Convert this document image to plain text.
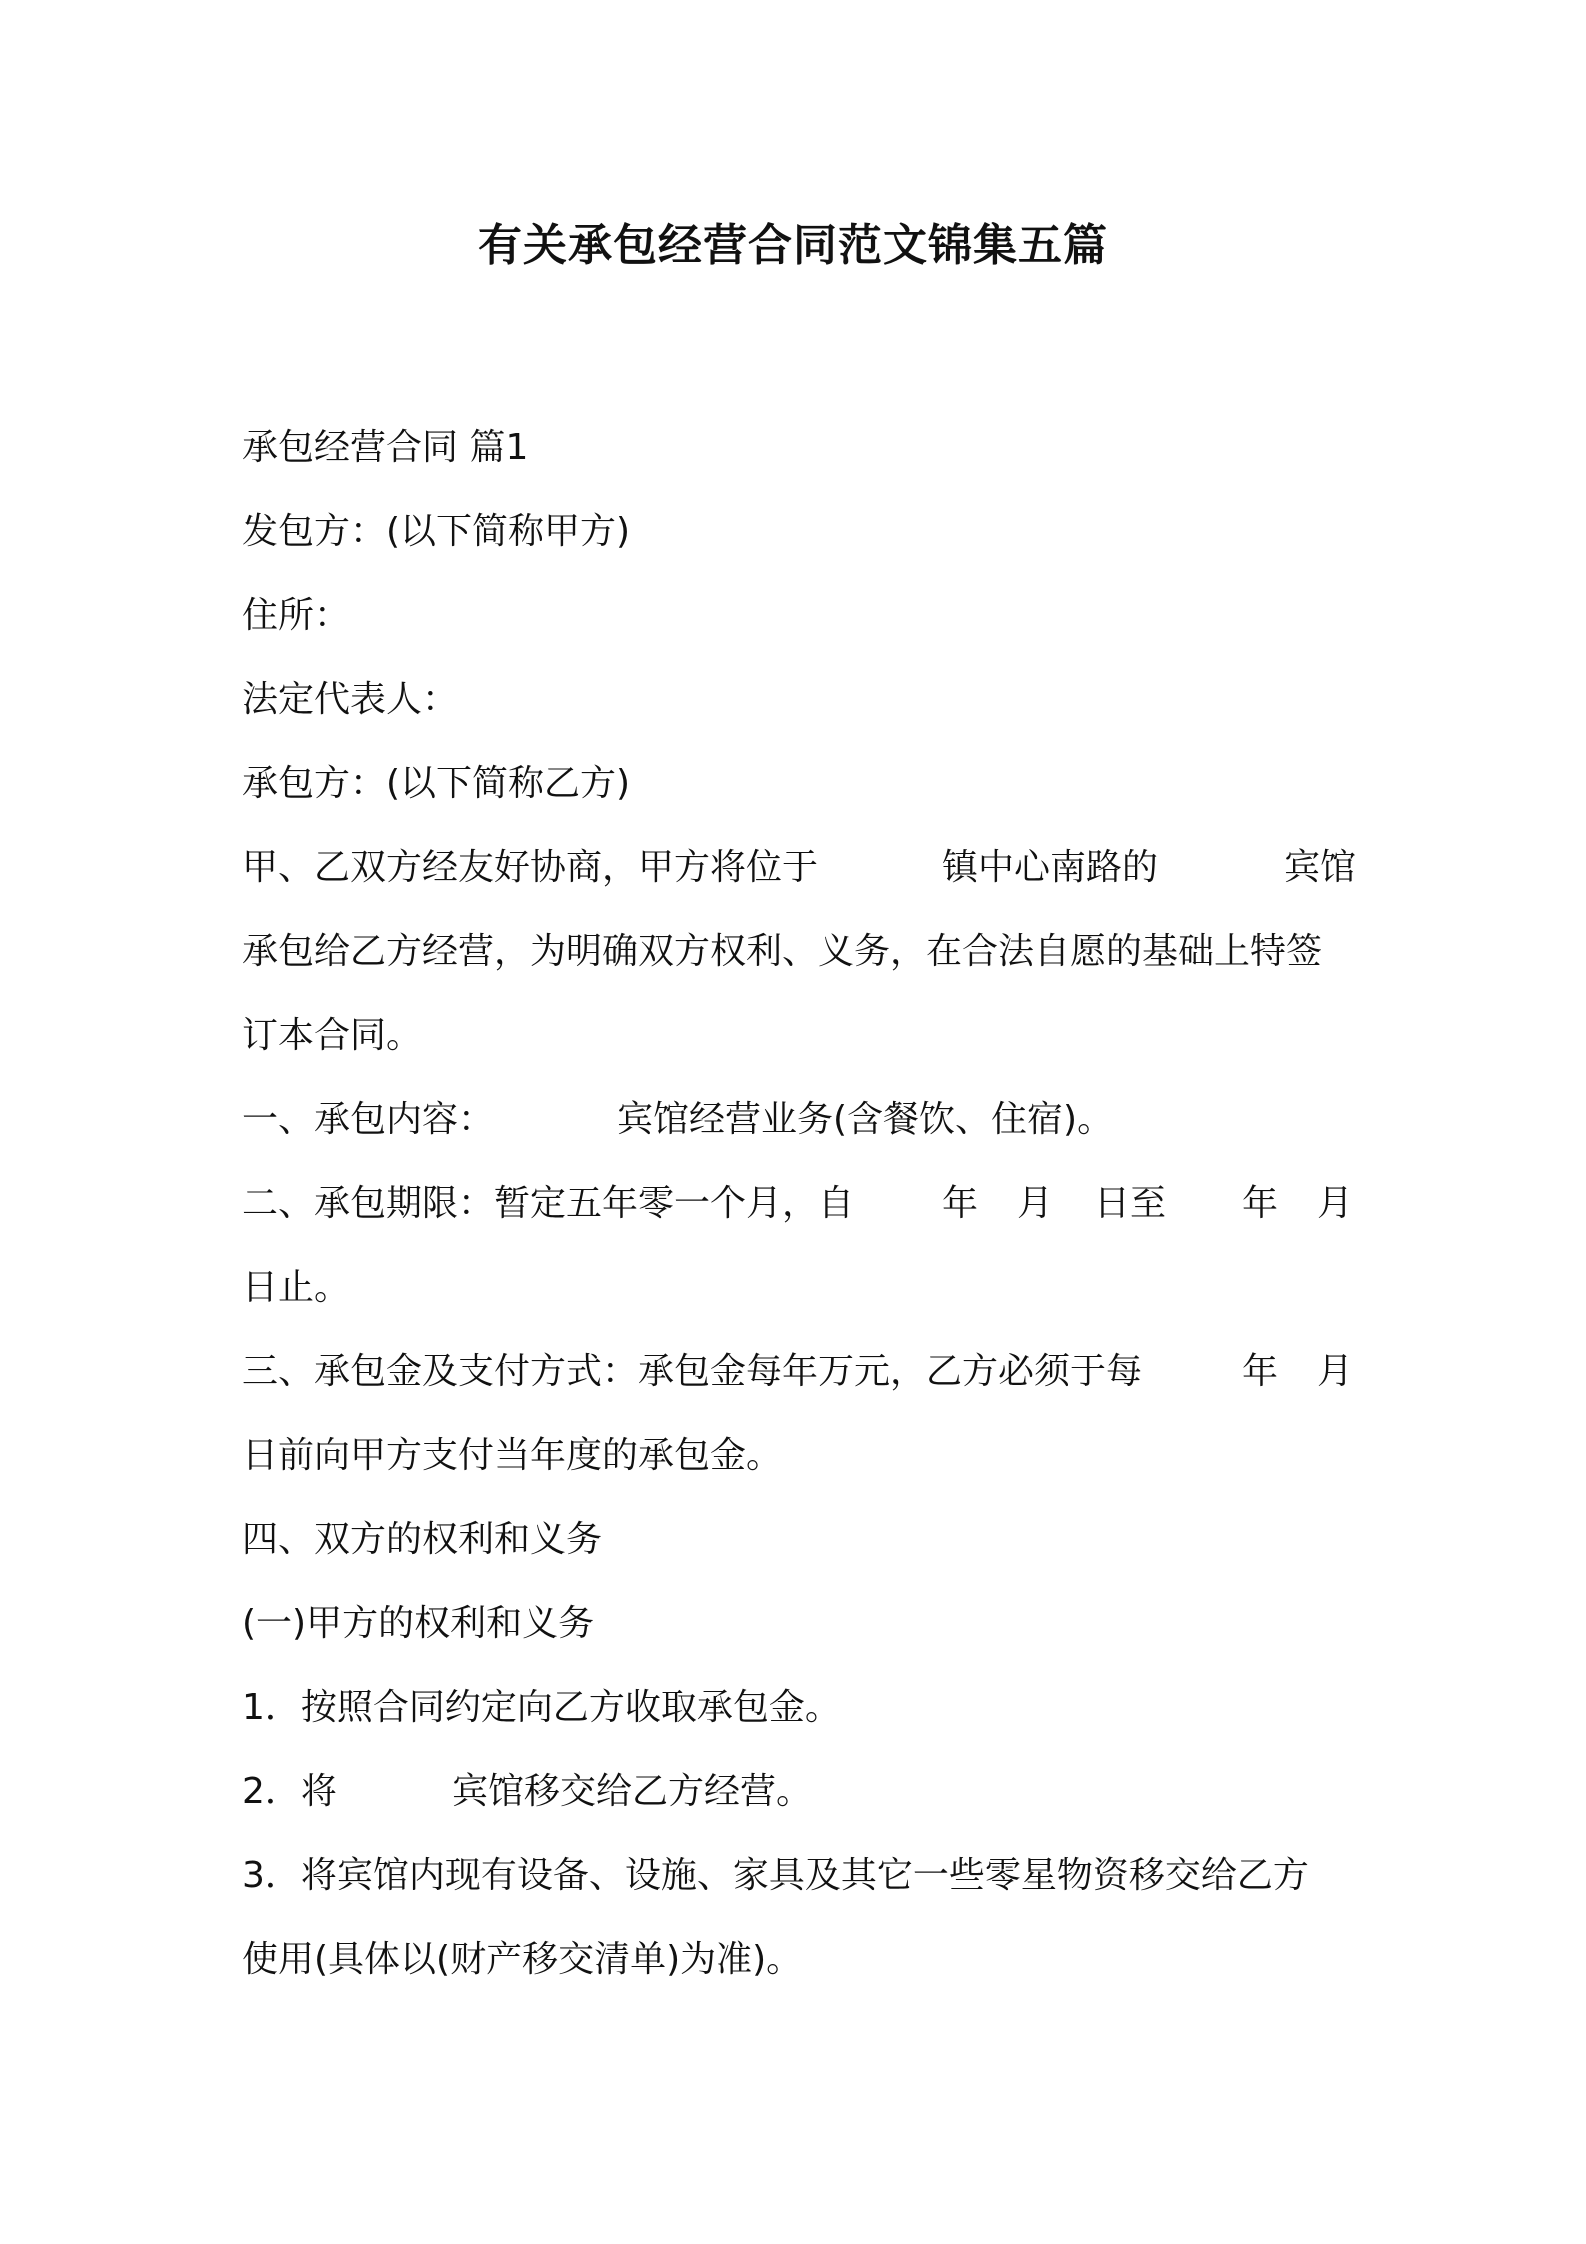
有关承包经营合同范文锦集五篇
承包经营合同 篇1
发包方：(以下简称甲方)
住所：
法定代表人：
承包方：(以下简称乙方)
甲、乙双方经友好协商，甲方将位于	镇中心南路的	宾馆
承包给乙方经营，为明确双方权利、义务，在合法自愿的基础上特签
订本合同。
一、承包内容：	宾馆经营业务(含餐饮、住宿)。
二、承包期限：暂定五年零一个月，自 年 月 日至 年 月
日止。
三、承包金及支付方式：承包金每年万元，乙方必须于每	年 月
日前向甲方支付当年度的承包金。
四、双方的权利和义务
(一)甲方的权利和义务
1．按照合同约定向乙方收取承包金。
2．将	宾馆移交给乙方经营。
3．将宾馆内现有设备、设施、家具及其它一些零星物资移交给乙方
使用(具体以(财产移交清单)为准)。
